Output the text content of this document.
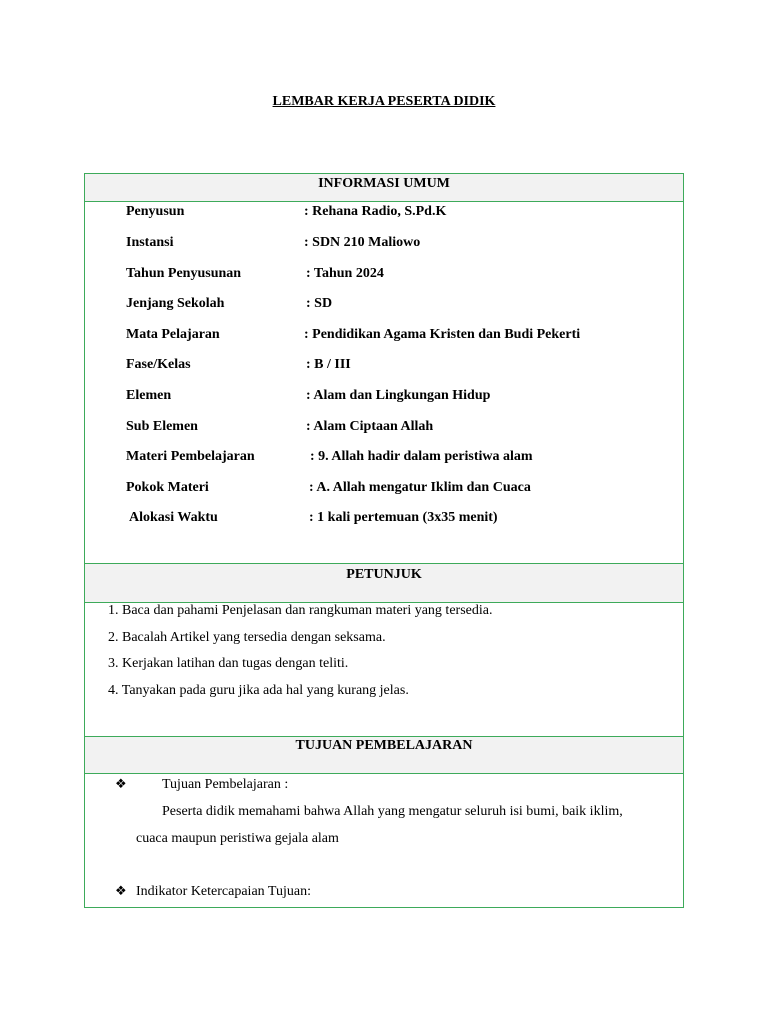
LEMBAR KERJA PESERTA DIDIK
INFORMASI UMUM
Penyusun	: Rehana Radio, S.Pd.K
Instansi	: SDN 210 Maliowo
Tahun Penyusunan	: Tahun 2024
Jenjang Sekolah	: SD
Mata Pelajaran	: Pendidikan Agama Kristen dan Budi Pekerti
Fase/Kelas	: B / III
Elemen	: Alam dan Lingkungan Hidup
Sub Elemen	: Alam Ciptaan Allah
Materi Pembelajaran	: 9. Allah hadir dalam peristiwa alam
Pokok Materi	: A. Allah mengatur Iklim dan Cuaca
Alokasi Waktu	: 1 kali pertemuan (3x35 menit)
PETUNJUK
1. Baca dan pahami Penjelasan dan rangkuman materi yang tersedia.
2. Bacalah Artikel yang tersedia dengan seksama.
3. Kerjakan latihan dan tugas dengan teliti.
4. Tanyakan pada guru jika ada hal yang kurang jelas.
TUJUAN PEMBELAJARAN
❖	Tujuan Pembelajaran :
Peserta didik memahami bahwa Allah yang mengatur seluruh isi bumi, baik iklim,
cuaca maupun peristiwa gejala alam
❖ Indikator Ketercapaian Tujuan:
